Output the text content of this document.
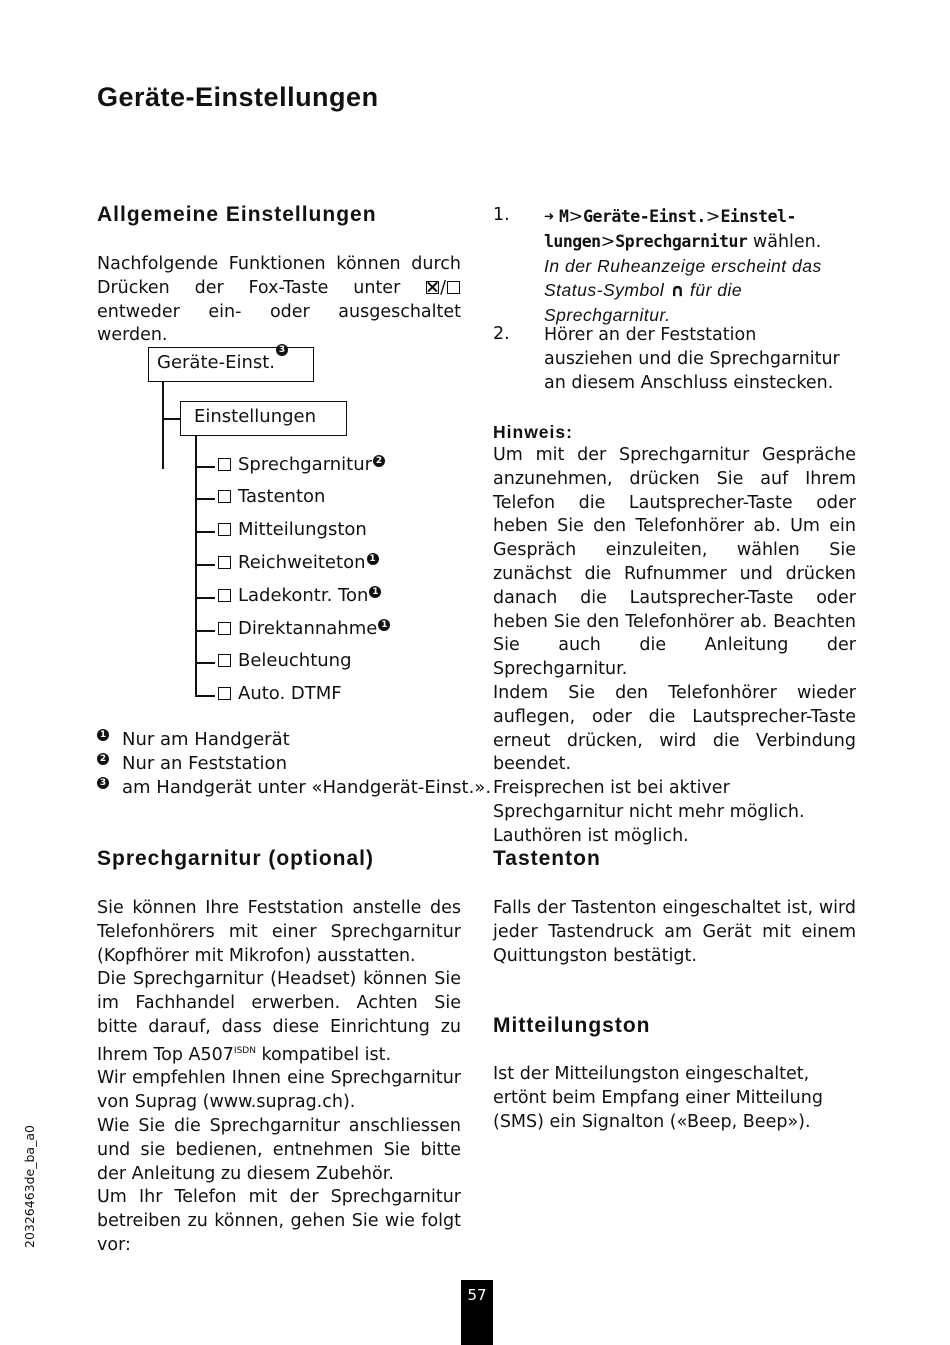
Geräte-Einstellungen
Allgemeine Einstellungen

Nachfolgende Funktionen können durch Drücken der Fox-Taste unter / entweder ein- oder ausgeschaltet werden.

Geräte-Einst.3
Einstellungen
Sprechgarnitur 2
Tastenton
Mitteilungston
Reichweiteton 1
Ladekontr. Ton 1
Direktannahme 1
Beleuchtung
Auto. DTMF
1 Nur am Handgerät
2 Nur an Feststation
3 am Handgerät unter «Handgerät-Einst.».
1. ➜ M>Geräte-Einst.>Einstel-
lungen>Sprechgarnitur wählen.
In der Ruheanzeige erscheint das Status-Symbol ∩ für die Sprechgarnitur.

2. Hörer an der Feststation ausziehen und die Sprechgarnitur an diesem Anschluss einstecken.

Hinweis:

Um mit der Sprechgarnitur Gespräche anzunehmen, drücken Sie auf Ihrem Telefon die Lautsprecher-Taste oder heben Sie den Telefonhörer ab. Um ein Gespräch einzuleiten, wählen Sie zunächst die Rufnummer und drücken danach die Lautsprecher-Taste oder heben Sie den Telefonhörer ab. Beachten Sie auch die Anleitung der Sprechgarnitur.

Indem Sie den Telefonhörer wieder auflegen, oder die Lautsprecher-Taste erneut drücken, wird die Verbindung beendet.

Freisprechen ist bei aktiver Sprechgarnitur nicht mehr möglich. Lauthören ist möglich.

Sprechgarnitur (optional)

Sie können Ihre Feststation anstelle des Telefonhörers mit einer Sprechgarnitur (Kopfhörer mit Mikrofon) ausstatten.

Die Sprechgarnitur (Headset) können Sie im Fachhandel erwerben. Achten Sie bitte darauf, dass diese Einrichtung zu Ihrem Top $A507^{ISDN}$ kompatibel ist.

Wir empfehlen Ihnen eine Sprechgarnitur von Suprag (www.suprag.ch).

Wie Sie die Sprechgarnitur anschliessen und sie bedienen, entnehmen Sie bitte der Anleitung zu diesem Zubehör.

Um Ihr Telefon mit der Sprechgarnitur betreiben zu können, gehen Sie wie folgt vor:

Tastenton

Falls der Tastenton eingeschaltet ist, wird jeder Tastendruck am Gerät mit einem Quittungston bestätigt.

Mitteilungston

Ist der Mitteilungston eingeschaltet, ertönt beim Empfang einer Mitteilung (SMS) ein Signalton («Beep, Beep»).

20326463de_ba_a0
57
